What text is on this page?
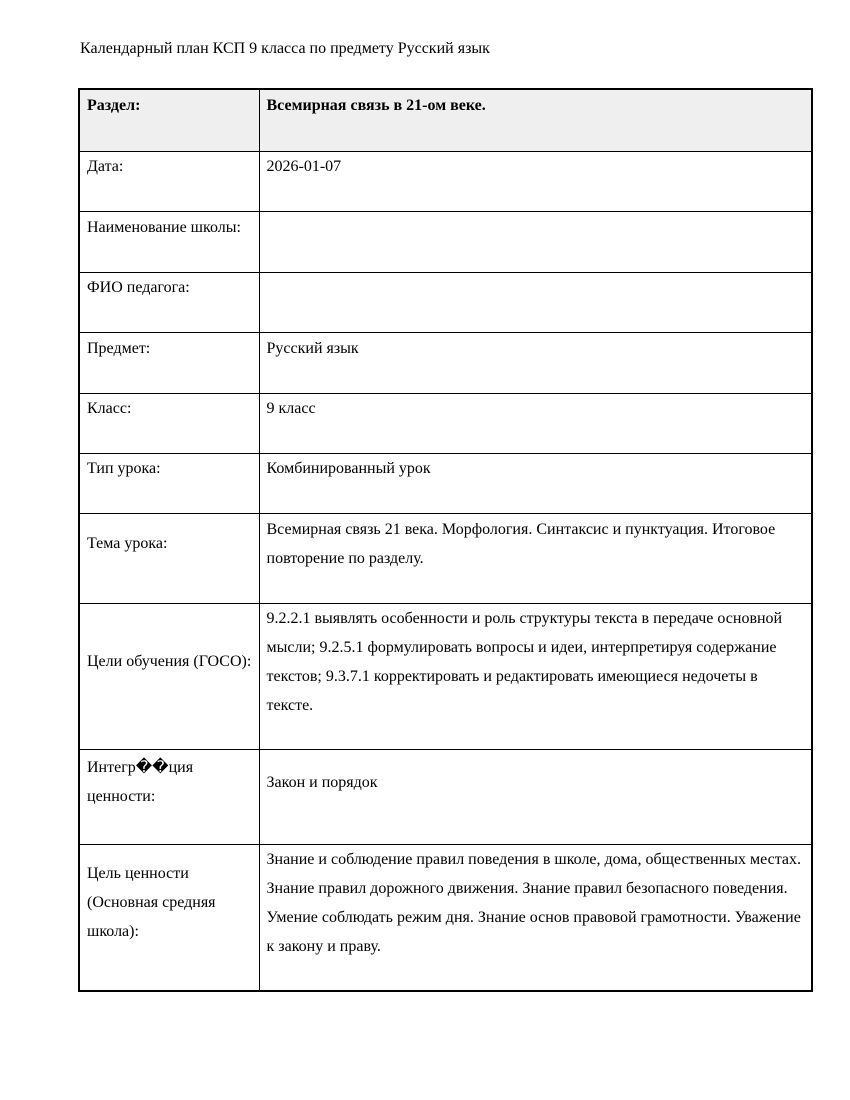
Календарный план КСП 9 класса по предмету Русский язык
Раздел:	Всемирная связь в 21-ом веке.

Дата:	2026-01-07

Наименование школы:	

ФИО педагога:	

Предмет:	Русский язык

Класс:	9 класс

Тип урока:	Комбинированный урок

Тема урока:	Всемирная связь 21 века. Морфология. Синтаксис и пунктуация. Итоговое повторение по разделу.

Цели обучения (ГОСО):	9.2.2.1 выявлять особенности и роль структуры текста в передаче основной мысли; 9.2.5.1 формулировать вопросы и идеи, интерпретируя содержание текстов; 9.3.7.1 корректировать и редактировать имеющиеся недочеты в тексте.

Интегр��ция ценности:	Закон и порядок

Цель ценности (Основная средняя школа):	Знание и соблюдение правил поведения в школе, дома, общественных местах. Знание правил дорожного движения. Знание правил безопасного поведения. Умение соблюдать режим дня. Знание основ правовой грамотности. Уважение к закону и праву.
